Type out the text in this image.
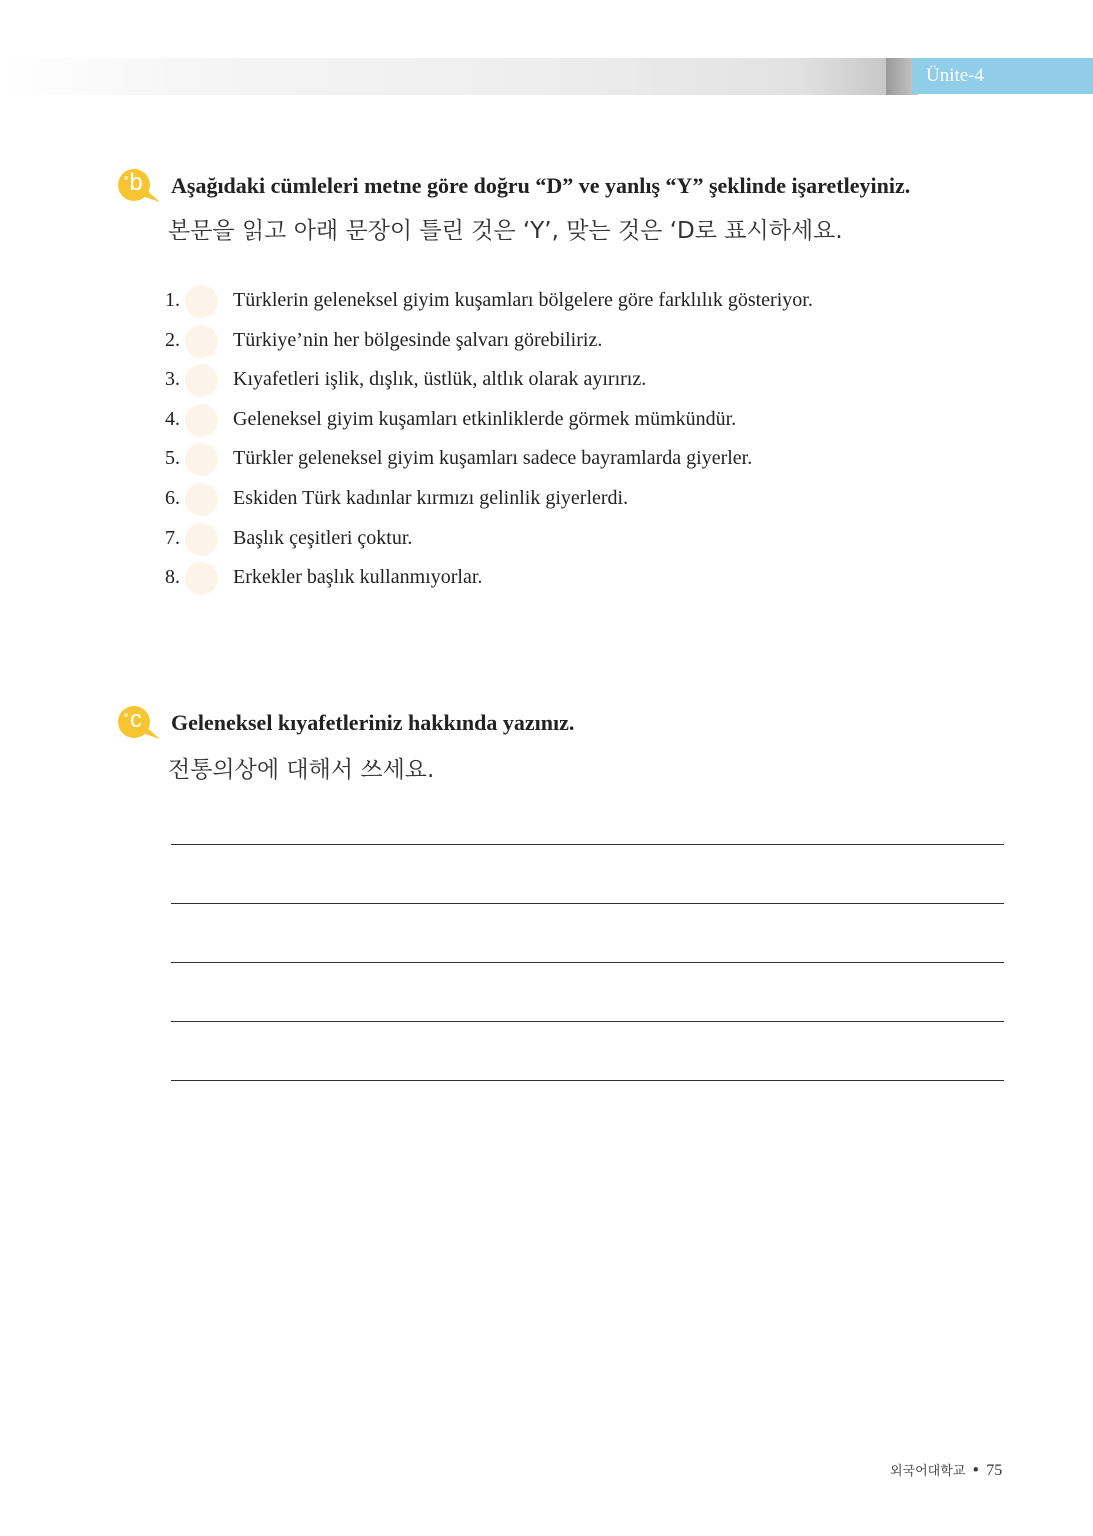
Ünite-4
b	Aşağıdaki cümleleri metne göre doğru “D” ve yanlış “Y” şeklinde işaretleyiniz.
본문을 읽고 아래 문장이 틀린 것은 ‘Y’, 맞는 것은 ‘D로 표시하세요.
1.	Türklerin geleneksel giyim kuşamları bölgelere göre farklılık gösteriyor.
2.	Türkiye’nin her bölgesinde şalvarı görebiliriz.
3.	Kıyafetleri işlik, dışlık, üstlük, altlık olarak ayırırız.
4.	Geleneksel giyim kuşamları etkinliklerde görmek mümkündür.
5.	Türkler geleneksel giyim kuşamları sadece bayramlarda giyerler.
6.	Eskiden Türk kadınlar kırmızı gelinlik giyerlerdi.
7.	Başlık çeşitleri çoktur.
8.	Erkekler başlık kullanmıyorlar.
c	Geleneksel kıyafetleriniz hakkında yazınız.
전통의상에 대해서 쓰세요.
외국어대학교 • 75
